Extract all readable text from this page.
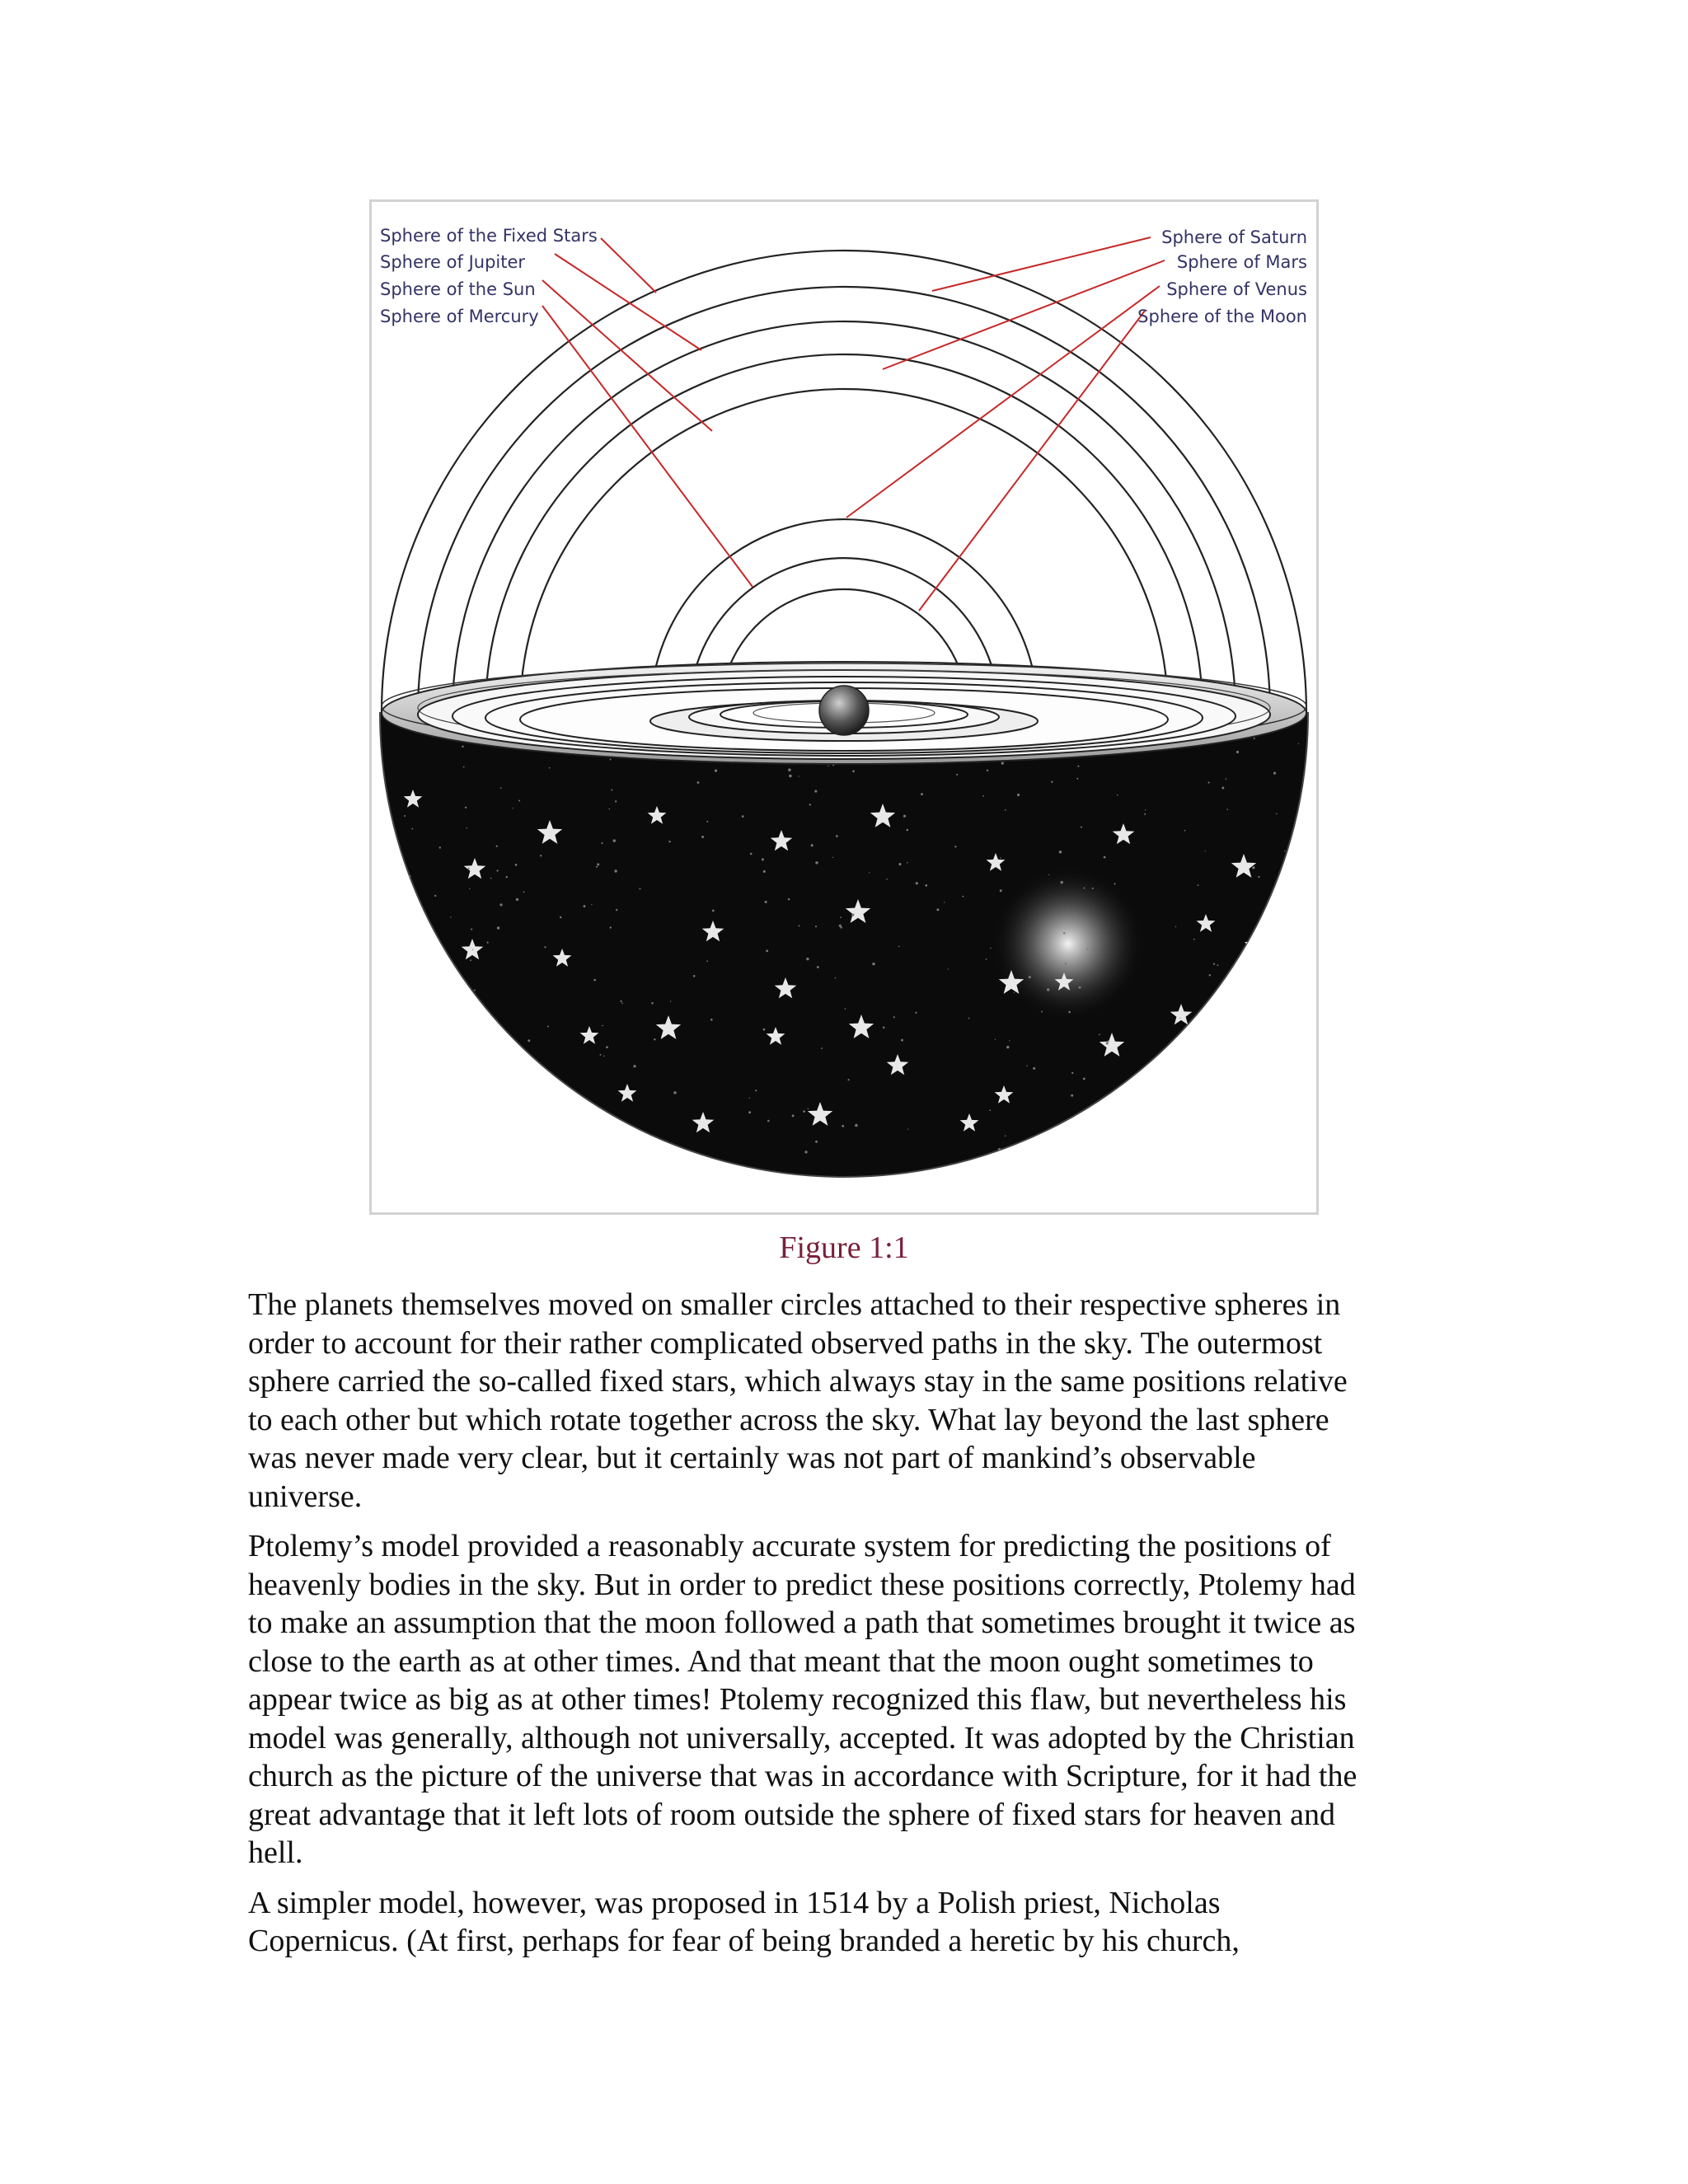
Sphere of the Fixed Stars
Sphere of Jupiter
Sphere of the Sun
Sphere of Mercury
Sphere of Saturn
Sphere of Mars
Sphere of Venus
Sphere of the Moon
Figure 1:1

The planets themselves moved on smaller circles attached to their respective spheres in
order to account for their rather complicated observed paths in the sky. The outermost
sphere carried the so-called fixed stars, which always stay in the same positions relative
to each other but which rotate together across the sky. What lay beyond the last sphere
was never made very clear, but it certainly was not part of mankind’s observable
universe.

Ptolemy’s model provided a reasonably accurate system for predicting the positions of
heavenly bodies in the sky. But in order to predict these positions correctly, Ptolemy had
to make an assumption that the moon followed a path that sometimes brought it twice as
close to the earth as at other times. And that meant that the moon ought sometimes to
appear twice as big as at other times! Ptolemy recognized this flaw, but nevertheless his
model was generally, although not universally, accepted. It was adopted by the Christian
church as the picture of the universe that was in accordance with Scripture, for it had the
great advantage that it left lots of room outside the sphere of fixed stars for heaven and
hell.

A simpler model, however, was proposed in 1514 by a Polish priest, Nicholas
Copernicus. (At first, perhaps for fear of being branded a heretic by his church,
